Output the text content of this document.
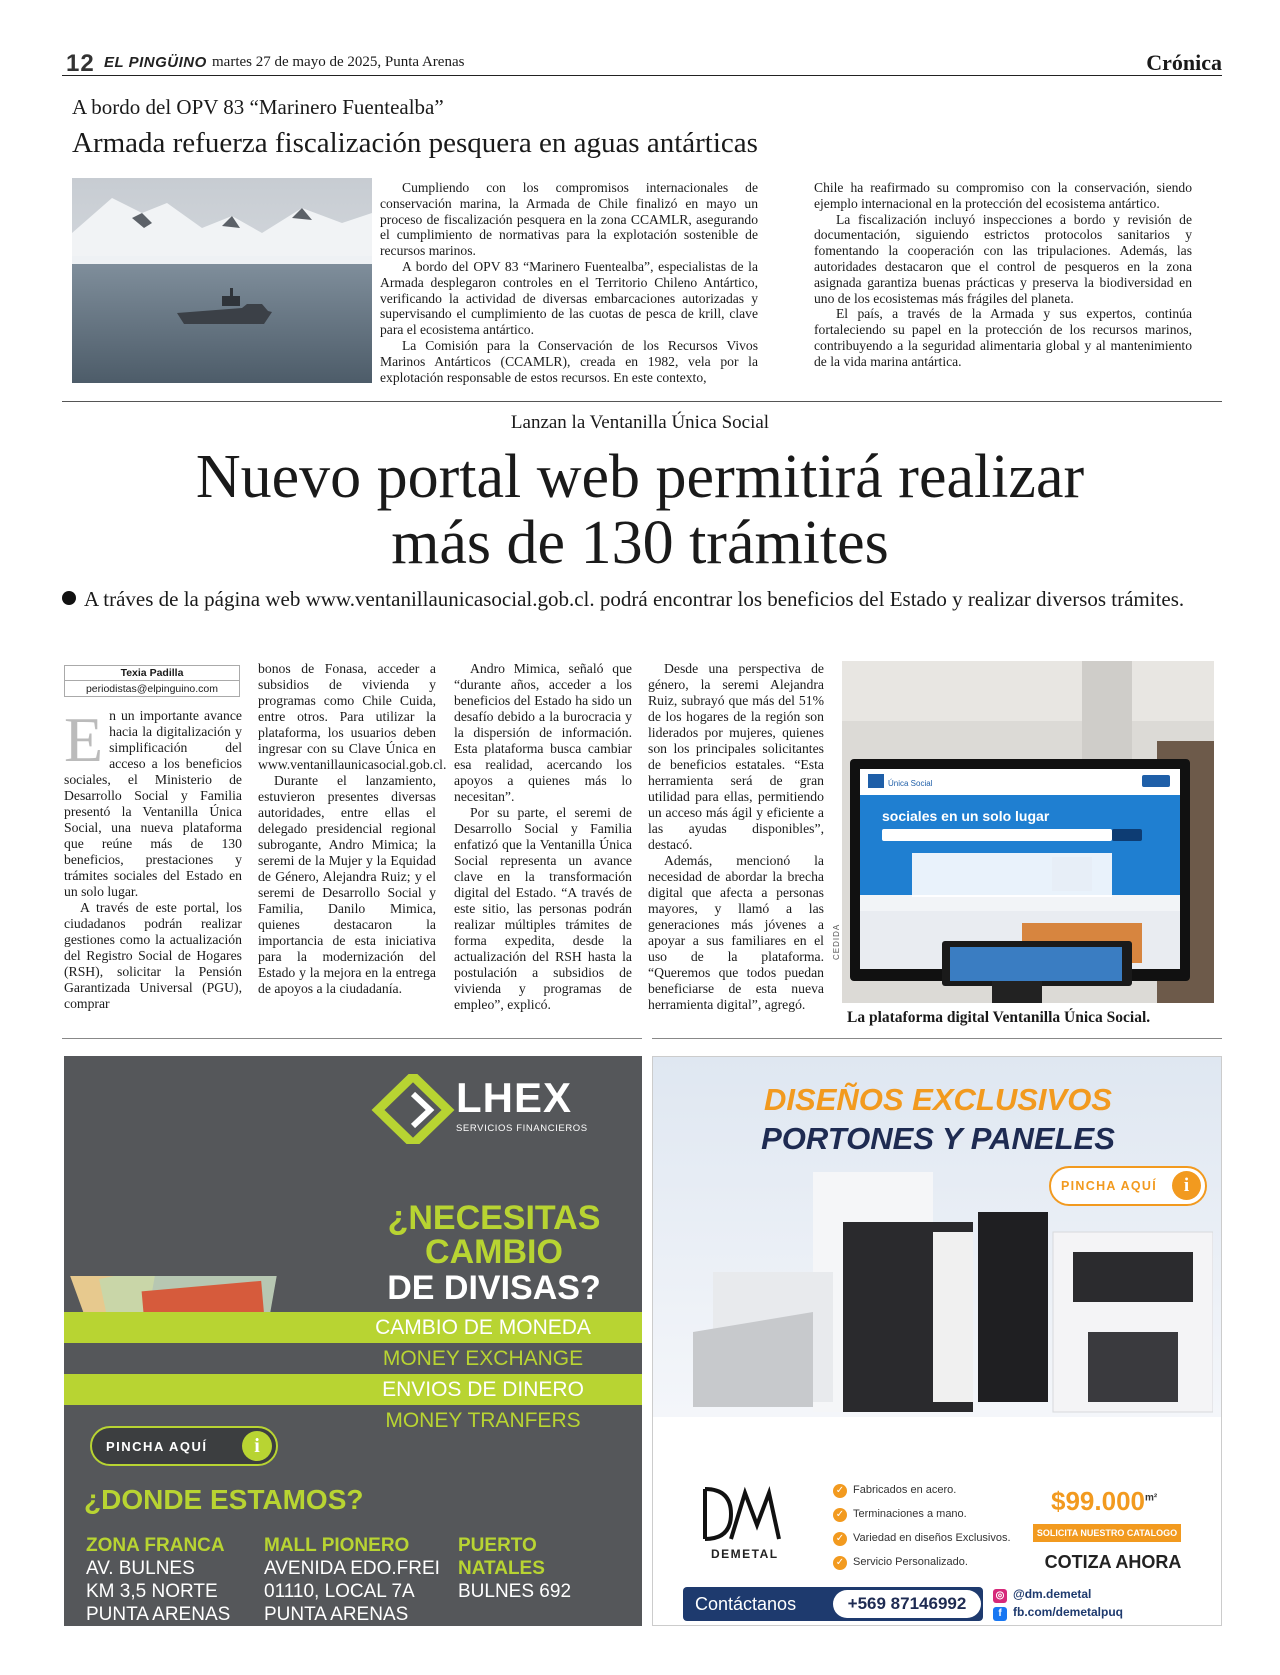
12 EL PINGÜINO martes 27 de mayo de 2025, Punta Arenas	Crónica
A bordo del OPV 83 “Marinero Fuentealba”
Armada refuerza fiscalización pesquera en aguas antárticas

Cumpliendo con los compromisos internacionales de conservación marina, la Armada de Chile finalizó en mayo un proceso de fiscalización pesquera en la zona CCAMLR, asegurando el cumplimiento de normativas para la explotación sostenible de recursos marinos.

A bordo del OPV 83 “Marinero Fuentealba”, especialistas de la Armada desplegaron controles en el Territorio Chileno Antártico, verificando la actividad de diversas embarcaciones autorizadas y supervisando el cumplimiento de las cuotas de pesca de krill, clave para el ecosistema antártico.

La Comisión para la Conservación de los Recursos Vivos Marinos Antárticos (CCAMLR), creada en 1982, vela por la explotación responsable de estos recursos. En este contexto,

Chile ha reafirmado su compromiso con la conservación, siendo ejemplo internacional en la protección del ecosistema antártico.

La fiscalización incluyó inspecciones a bordo y revisión de documentación, siguiendo estrictos protocolos sanitarios y fomentando la cooperación con las tripulaciones. Además, las autoridades destacaron que el control de pesqueros en la zona asignada garantiza buenas prácticas y preserva la biodiversidad en uno de los ecosistemas más frágiles del planeta.

El país, a través de la Armada y sus expertos, continúa fortaleciendo su papel en la protección de los recursos marinos, contribuyendo a la seguridad alimentaria global y al mantenimiento de la vida marina antártica.

Lanzan la Ventanilla Única Social
Nuevo portal web permitirá realizar
más de 130 trámites
A tráves de la página web www.ventanillaunicasocial.gob.cl. podrá encontrar los beneficios del Estado y realizar diversos trámites.
Texia Padilla
periodistas@elpinguino.com

En un importante avance hacia la digitalización y simplificación del acceso a los beneficios sociales, el Ministerio de Desarrollo Social y Familia presentó la Ventanilla Única Social, una nueva plataforma que reúne más de 130 beneficios, prestaciones y trámites sociales del Estado en un solo lugar.

A través de este portal, los ciudadanos podrán realizar gestiones como la actualización del Registro Social de Hogares (RSH), solicitar la Pensión Garantizada Universal (PGU), comprar

bonos de Fonasa, acceder a subsidios de vivienda y programas como Chile Cuida, entre otros. Para utilizar la plataforma, los usuarios deben ingresar con su Clave Única en www.ventanillaunicasocial.gob.cl.

Durante el lanzamiento, estuvieron presentes diversas autoridades, entre ellas el delegado presidencial regional subrogante, Andro Mimica; la seremi de la Mujer y la Equidad de Género, Alejandra Ruiz; y el seremi de Desarrollo Social y Familia, Danilo Mimica, quienes destacaron la importancia de esta iniciativa para la modernización del Estado y la mejora en la entrega de apoyos a la ciudadanía.

Andro Mimica, señaló que “durante años, acceder a los beneficios del Estado ha sido un desafío debido a la burocracia y la dispersión de información. Esta plataforma busca cambiar esa realidad, acercando los apoyos a quienes más lo necesitan”.

Por su parte, el seremi de Desarrollo Social y Familia enfatizó que la Ventanilla Única Social representa un avance clave en la transformación digital del Estado. “A través de este sitio, las personas podrán realizar múltiples trámites de forma expedita, desde la actualización del RSH hasta la postulación a subsidios de vivienda y programas de empleo”, explicó.

Desde una perspectiva de género, la seremi Alejandra Ruiz, subrayó que más del 51% de los hogares de la región son liderados por mujeres, quienes son los principales solicitantes de beneficios estatales. “Esta herramienta será de gran utilidad para ellas, permitiendo un acceso más ágil y eficiente a las ayudas disponibles”, destacó.

Además, mencionó la necesidad de abordar la brecha digital que afecta a personas mayores, y llamó a las generaciones más jóvenes a apoyar a sus familiares en el uso de la plataforma. “Queremos que todos puedan beneficiarse de esta nueva herramienta digital”, agregó.

Única Social
sociales en un solo lugar
CEDIDA
La plataforma digital Ventanilla Única Social.
LHEX
SERVICIOS FINANCIEROS
¿NECESITAS CAMBIO
DE DIVISAS?
CAMBIO DE MONEDA
MONEY EXCHANGE
ENVIOS DE DINERO
MONEY TRANFERS
PINCHA AQUÍ	i
¿DONDE ESTAMOS?
ZONA FRANCA
AV. BULNES
KM 3,5 NORTE
PUNTA ARENAS
MALL PIONERO
AVENIDA EDO.FREI
01110, LOCAL 7A
PUNTA ARENAS
PUERTO NATALES
BULNES 692
DISEÑOS EXCLUSIVOS
PORTONES Y PANELES
PINCHA AQUÍ	i
DEMETAL
✓ Fabricados en acero.
✓ Terminaciones a mano.
✓ Variedad en diseños Exclusivos.
✓ Servicio Personalizado.
$\$99.000^{m^2}$
SOLICITA NUESTRO CATALOGO
COTIZA AHORA
Contáctanos	+569 87146992	◎ @dm.demetal
f fb.com/demetalpuq
